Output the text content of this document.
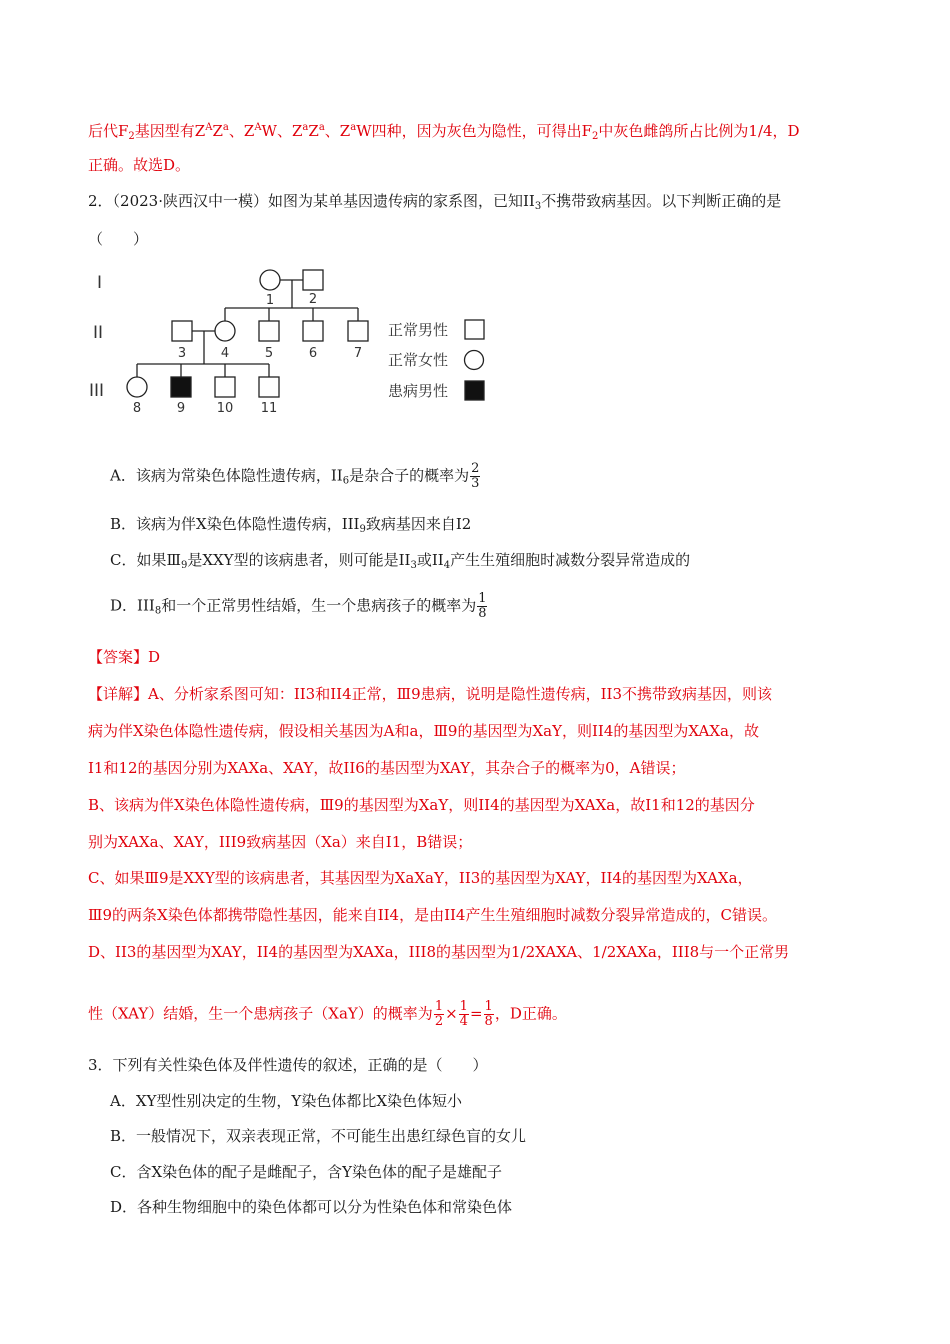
后代$F_2$基因型有$Z^AZ^a$、$Z^AW$、$Z^aZ^a$、$Z^aW$四种，因为灰色为隐性，可得出$F_2$中灰色雌鸽所占比例为1/4，D
正确。故选D。
2．（2023·陕西汉中一模）如图为某单基因遗传病的家系图，已知$II_3$不携带致病基因。以下判断正确的是
（　　）
I
II
III
1	2
3	4	5	6	7
8	9 10 11
正常男性
正常女性
患病男性
A．该病为常染色体隐性遗传病，$II_6$是杂合子的概率为 $\frac{2}{3}$
B．该病为伴X染色体隐性遗传病，$III_9$致病基因来自I2
C．如果$Ⅲ_9$是XXY型的该病患者，则可能是$II_3$或$II_4$产生生殖细胞时减数分裂异常造成的
D．$III_8$和一个正常男性结婚，生一个患病孩子的概率为 $\frac{1}{8}$
【答案】D
【详解】A、分析家系图可知：II3和II4正常，Ⅲ9患病，说明是隐性遗传病，II3不携带致病基因，则该
病为伴X染色体隐性遗传病，假设相关基因为A和a，Ⅲ9的基因型为XaY，则II4的基因型为XAXa，故
I1和12的基因分别为XAXa、XAY，故II6的基因型为XAY，其杂合子的概率为0，A错误；
B、该病为伴X染色体隐性遗传病，Ⅲ9的基因型为XaY，则II4的基因型为XAXa，故I1和12的基因分
别为XAXa、XAY，III9致病基因（Xa）来自I1，B错误；
C、如果Ⅲ9是XXY型的该病患者，其基因型为XaXaY，II3的基因型为XAY，II4的基因型为XAXa，
Ⅲ9的两条X染色体都携带隐性基因，能来自II4，是由II4产生生殖细胞时减数分裂异常造成的，C错误。
D、II3的基因型为XAY，II4的基因型为XAXa，III8的基因型为1/2XAXA、1/2XAXa，III8与一个正常男
性（XAY）结婚，生一个患病孩子（XaY）的概率为 $\frac{1}{2} \times \frac{1}{4} = \frac{1}{8}$ ，D正确。
3．下列有关性染色体及伴性遗传的叙述，正确的是（　　）
A．XY型性别决定的生物，Y染色体都比X染色体短小
B．一般情况下，双亲表现正常，不可能生出患红绿色盲的女儿
C．含X染色体的配子是雌配子，含Y染色体的配子是雄配子
D．各种生物细胞中的染色体都可以分为性染色体和常染色体
